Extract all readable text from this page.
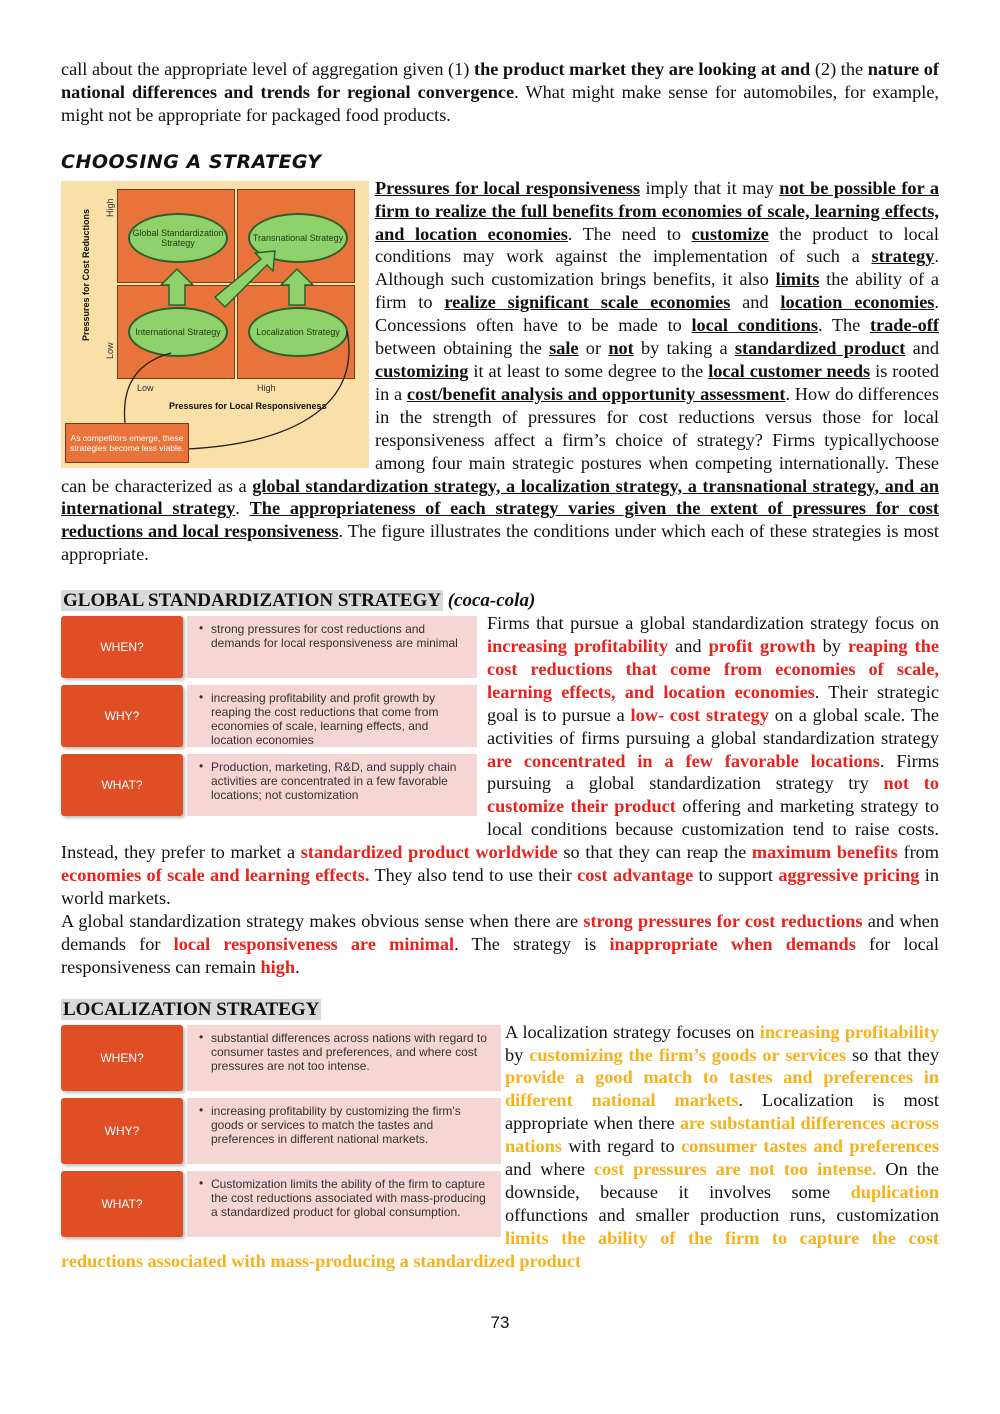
call about the appropriate level of aggregation given (1) the product market they are looking at and (2) the nature of national differences and trends for regional convergence. What might make sense for automobiles, for example, might not be appropriate for packaged food products.

CHOOSING A STRATEGY
Pressures for Cost Reductions
High
Low
Global Standardization Strategy	Transnational Strategy
International Strategy	Localization Strategy
Low	High
Pressures for Local Responsiveness
As competitors emerge, these strategies become less viable.

Pressures for local responsiveness imply that it may not be possible for a firm to realize the full benefits from economies of scale, learning effects, and location economies. The need to customize the product to local conditions may work against the implementation of such a strategy. Although such customization brings benefits, it also limits the ability of a firm to realize significant scale economies and location economies. Concessions often have to be made to local conditions. The trade-off between obtaining the sale or not by taking a standardized product and customizing it at least to some degree to the local customer needs is rooted in a cost/benefit analysis and opportunity assessment. How do differences in the strength of pressures for cost reductions versus those for local responsiveness affect a firm’s choice of strategy? Firms typicallychoose among four main strategic postures when competing internationally. These can be characterized as a global standardization strategy, a localization strategy, a transnational strategy, and an international strategy. The appropriateness of each strategy varies given the extent of pressures for cost reductions and local responsiveness. The figure illustrates the conditions under which each of these strategies is most appropriate.

GLOBAL STANDARDIZATION STRATEGY (coca-cola)
WHEN?
• strong pressures for cost reductions and demands for local responsiveness are minimal
WHY?
• increasing profitability and profit growth by reaping the cost reductions that come from economies of scale, learning effects, and location economies
WHAT?
• Production, marketing, R&D, and supply chain activities are concentrated in a few favorable locations; not customization

Firms that pursue a global standardization strategy focus on increasing profitability and profit growth by reaping the cost reductions that come from economies of scale, learning effects, and location economies. Their strategic goal is to pursue a low- cost strategy on a global scale. The activities of firms pursuing a global standardization strategy are concentrated in a few favorable locations. Firms pursuing a global standardization strategy try not to customize their product offering and marketing strategy to local conditions because customization tend to raise costs. Instead, they prefer to market a standardized product worldwide so that they can reap the maximum benefits from economies of scale and learning effects. They also tend to use their cost advantage to support aggressive pricing in world markets.

A global standardization strategy makes obvious sense when there are strong pressures for cost reductions and when demands for local responsiveness are minimal. The strategy is inappropriate when demands for local responsiveness can remain high.

LOCALIZATION STRATEGY
WHEN?
• substantial differences across nations with regard to consumer tastes and preferences, and where cost pressures are not too intense.
WHY?
• increasing profitability by customizing the firm's goods or services to match the tastes and preferences in different national markets.
WHAT?
• Customization limits the ability of the firm to capture the cost reductions associated with mass-producing a standardized product for global consumption.

A localization strategy focuses on increasing profitability by customizing the firm’s goods or services so that they provide a good match to tastes and preferences in different national markets. Localization is most appropriate when there are substantial differences across nations with regard to consumer tastes and preferences and where cost pressures are not too intense. On the downside, because it involves some duplication offunctions and smaller production runs, customization limits the ability of the firm to capture the cost reductions associated with mass-producing a standardized product

73
